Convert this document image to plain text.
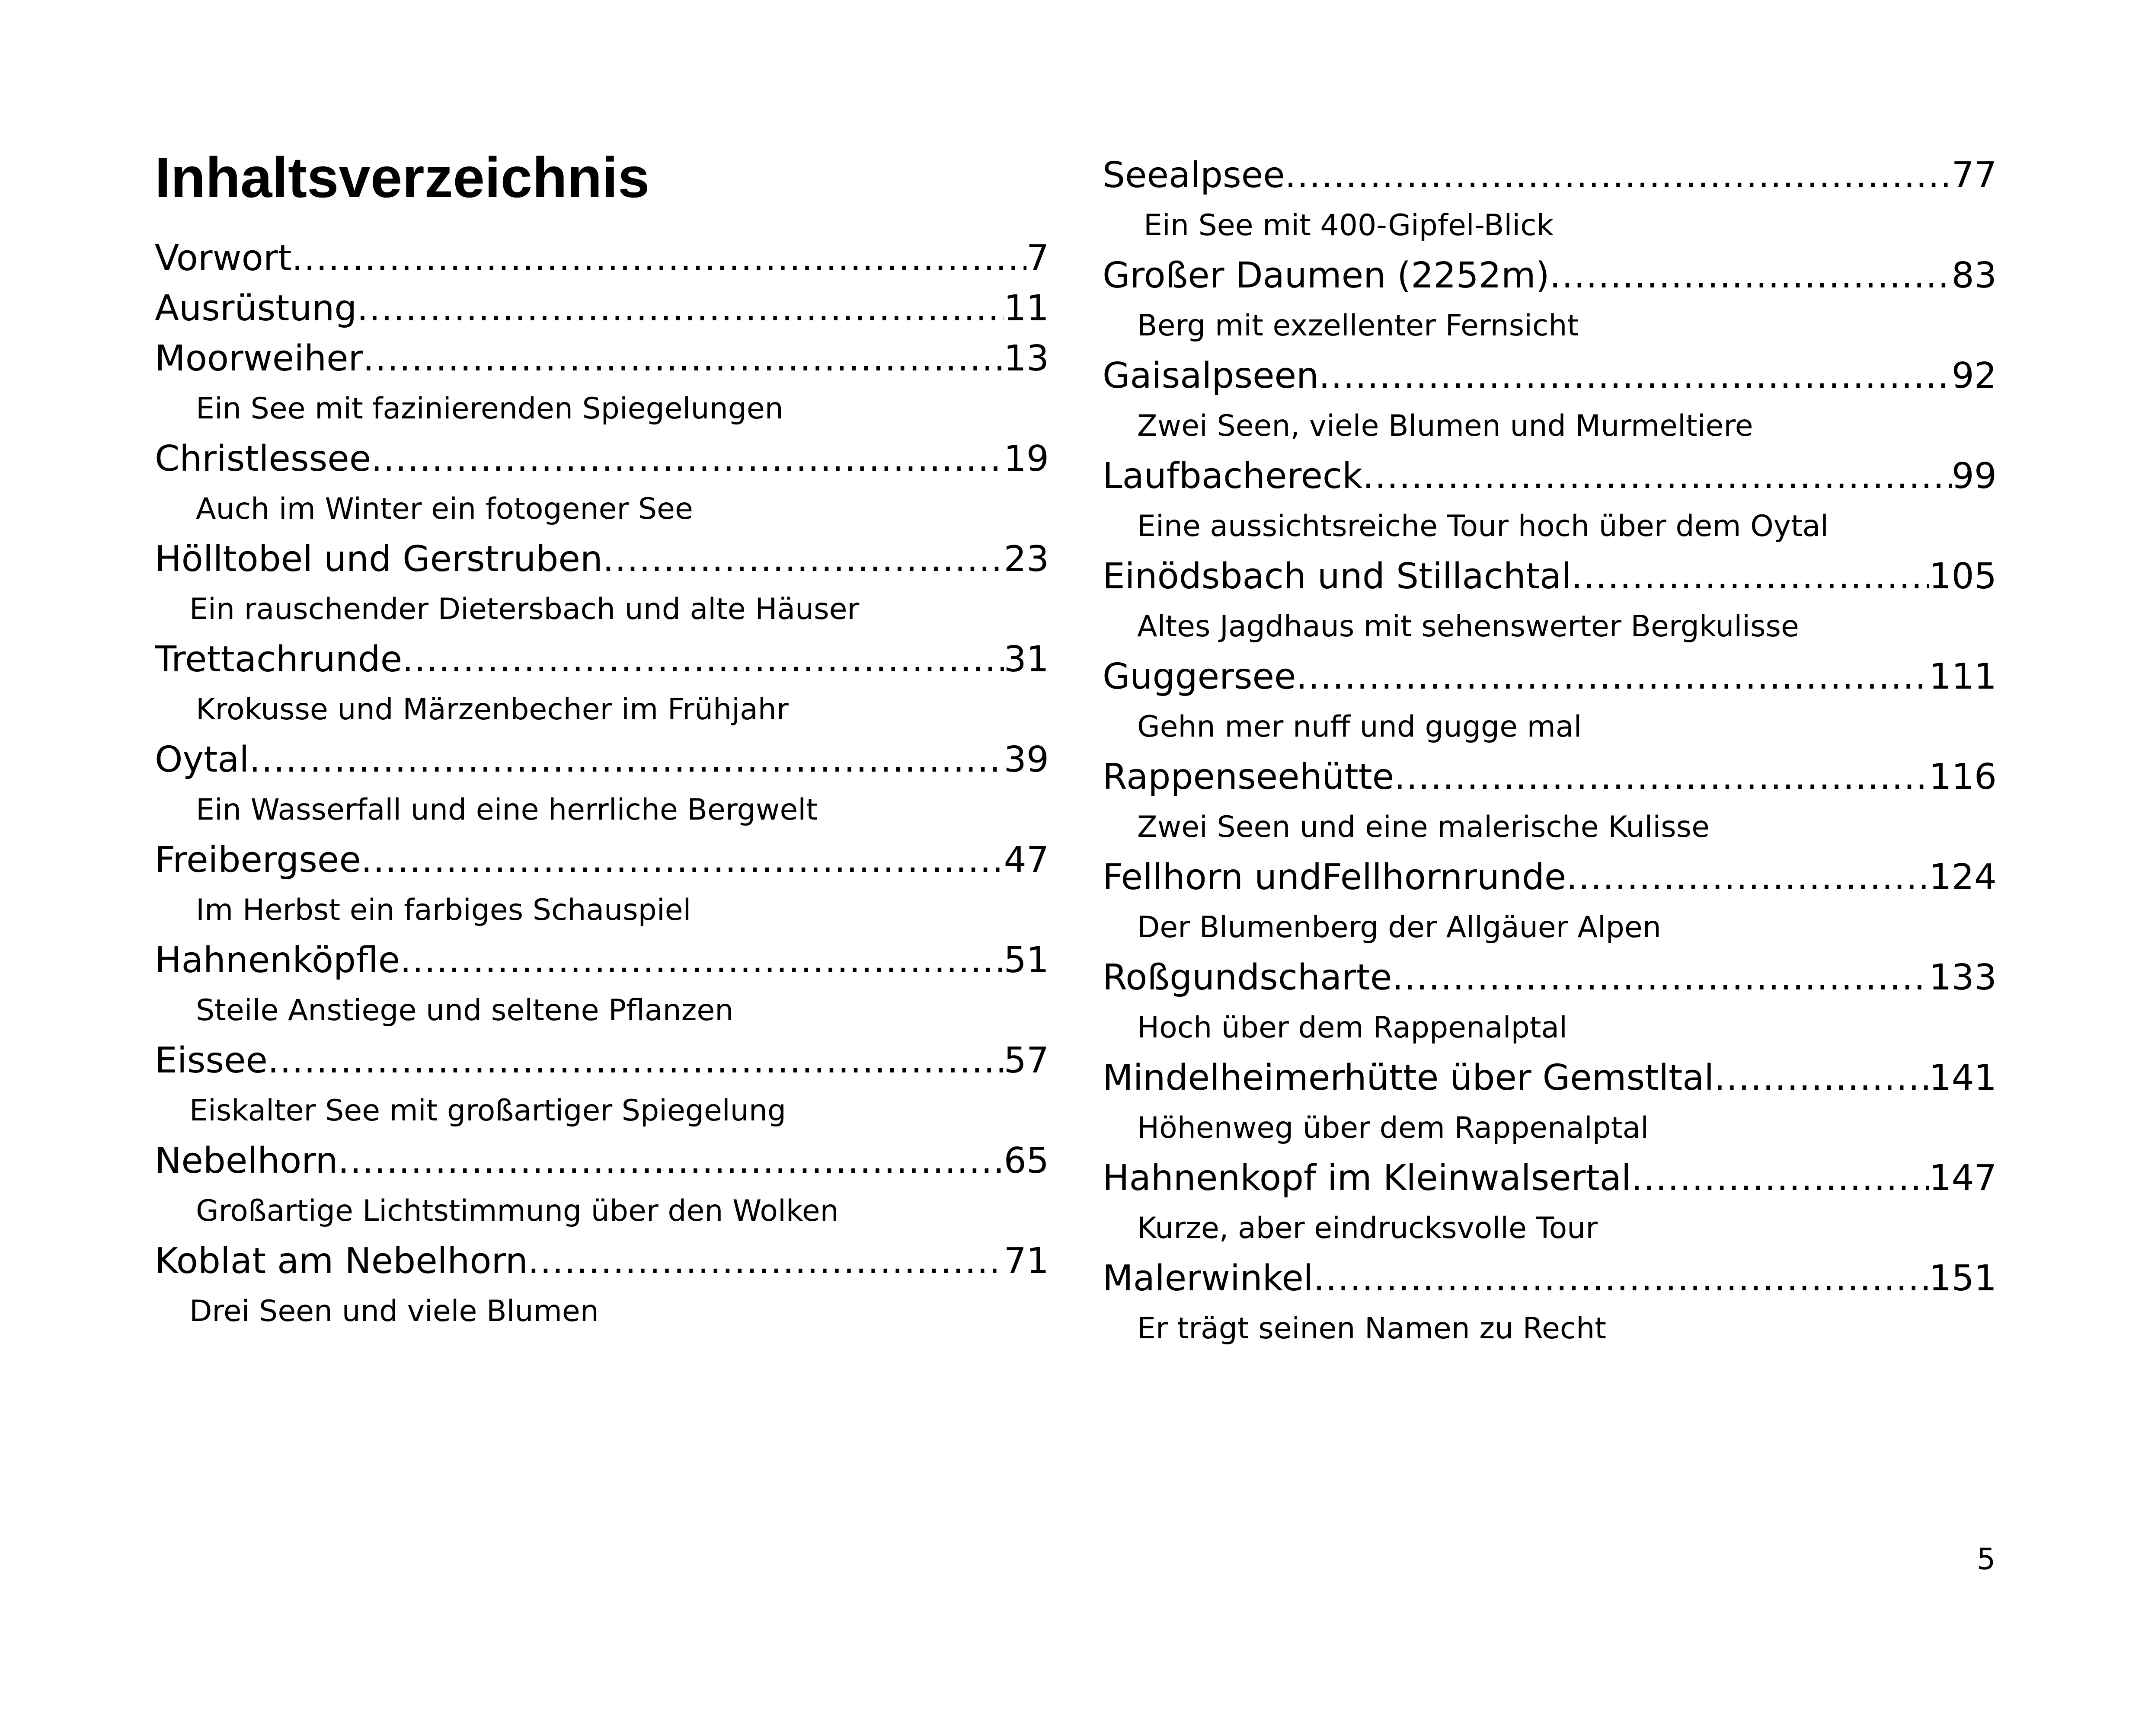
Inhaltsverzeichnis
Vorwort .....	7
Ausrüstung .....	11
Moorweiher .....	13
Ein See mit fazinierenden Spiegelungen
Christlessee .....	19
Auch im Winter ein fotogener See
Hölltobel und Gerstruben .....	23
Ein rauschender Dietersbach und alte Häuser
Trettachrunde .....	31
Krokusse und Märzenbecher im Frühjahr
Oytal .....	39
Ein Wasserfall und eine herrliche Bergwelt
Freibergsee .....	47
Im Herbst ein farbiges Schauspiel
Hahnenköpfle .....	51
Steile Anstiege und seltene Pflanzen
Eissee .....	57
Eiskalter See mit großartiger Spiegelung
Nebelhorn .....	65
Großartige Lichtstimmung über den Wolken
Koblat am Nebelhorn .....	71
Drei Seen und viele Blumen
Seealpsee .....	77
Ein See mit 400-Gipfel-Blick
Großer Daumen (2252m) .....	83
Berg mit exzellenter Fernsicht
Gaisalpseen .....	92
Zwei Seen, viele Blumen und Murmeltiere
Laufbachereck .....	99
Eine aussichtsreiche Tour hoch über dem Oytal
Einödsbach und Stillachtal .....	105
Altes Jagdhaus mit sehenswerter Bergkulisse
Guggersee .....	111
Gehn mer nuff und gugge mal
Rappenseehütte .....	116
Zwei Seen und eine malerische Kulisse
Fellhorn undFellhornrunde .....	124
Der Blumenberg der Allgäuer Alpen
Roßgundscharte .....	133
Hoch über dem Rappenalptal
Mindelheimerhütte über Gemstltal .....	141
Höhenweg über dem Rappenalptal
Hahnenkopf im Kleinwalsertal .....	147
Kurze, aber eindrucksvolle Tour
Malerwinkel .....	151
Er trägt seinen Namen zu Recht
5
